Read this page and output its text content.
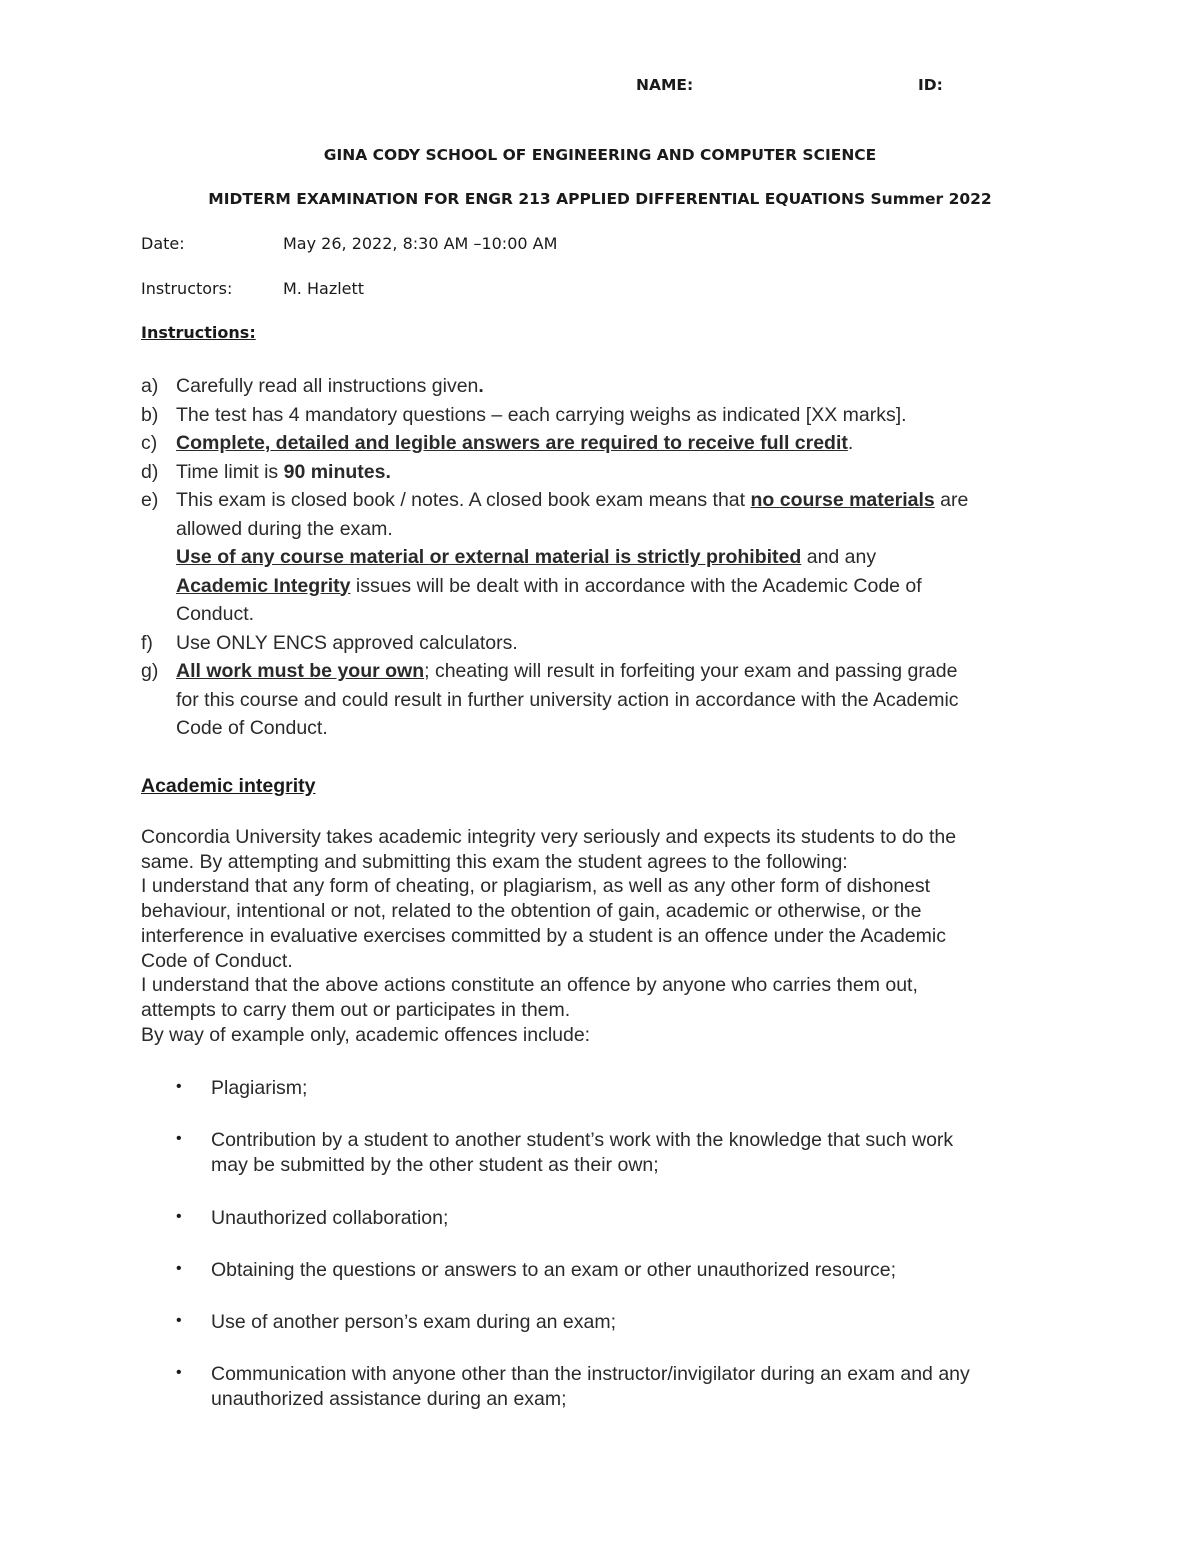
NAME:	ID:
GINA CODY SCHOOL OF ENGINEERING AND COMPUTER SCIENCE
MIDTERM EXAMINATION FOR ENGR 213 APPLIED DIFFERENTIAL EQUATIONS Summer 2022
Date:	May 26, 2022, 8:30 AM –10:00 AM
Instructors:	M. Hazlett
Instructions:
a) Carefully read all instructions given.
b) The test has 4 mandatory questions – each carrying weighs as indicated [XX marks].
c) Complete, detailed and legible answers are required to receive full credit.
d) Time limit is 90 minutes.
e) This exam is closed book / notes. A closed book exam means that no course materials are
allowed during the exam.
Use of any course material or external material is strictly prohibited and any
Academic Integrity issues will be dealt with in accordance with the Academic Code of
Conduct.
f) Use ONLY ENCS approved calculators.
g) All work must be your own; cheating will result in forfeiting your exam and passing grade
for this course and could result in further university action in accordance with the Academic
Code of Conduct.
Academic integrity
Concordia University takes academic integrity very seriously and expects its students to do the
same. By attempting and submitting this exam the student agrees to the following:
I understand that any form of cheating, or plagiarism, as well as any other form of dishonest
behaviour, intentional or not, related to the obtention of gain, academic or otherwise, or the
interference in evaluative exercises committed by a student is an offence under the Academic
Code of Conduct.
I understand that the above actions constitute an offence by anyone who carries them out,
attempts to carry them out or participates in them.
By way of example only, academic offences include:
• Plagiarism;
• Contribution by a student to another student’s work with the knowledge that such work
may be submitted by the other student as their own;
• Unauthorized collaboration;
• Obtaining the questions or answers to an exam or other unauthorized resource;
• Use of another person’s exam during an exam;
• Communication with anyone other than the instructor/invigilator during an exam and any
unauthorized assistance during an exam;
